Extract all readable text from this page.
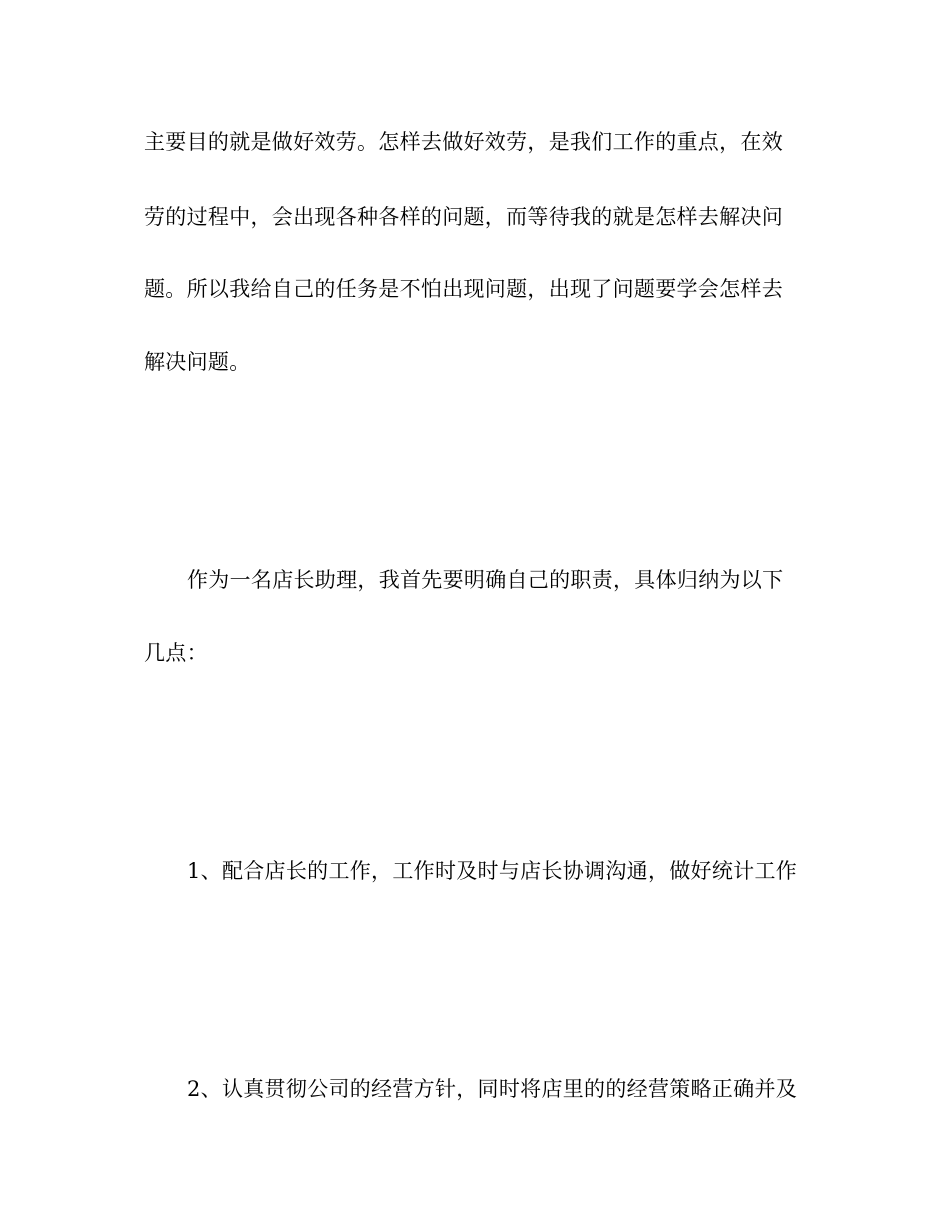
主要目的就是做好效劳。怎样去做好效劳，是我们工作的重点，在效
劳的过程中，会出现各种各样的问题，而等待我的就是怎样去解决问
题。所以我给自己的任务是不怕出现问题，出现了问题要学会怎样去
解决问题。
作为一名店长助理，我首先要明确自己的职责，具体归纳为以下
几点：
1、配合店长的工作，工作时及时与店长协调沟通，做好统计工作
2、认真贯彻公司的经营方针，同时将店里的的经营策略正确并及
